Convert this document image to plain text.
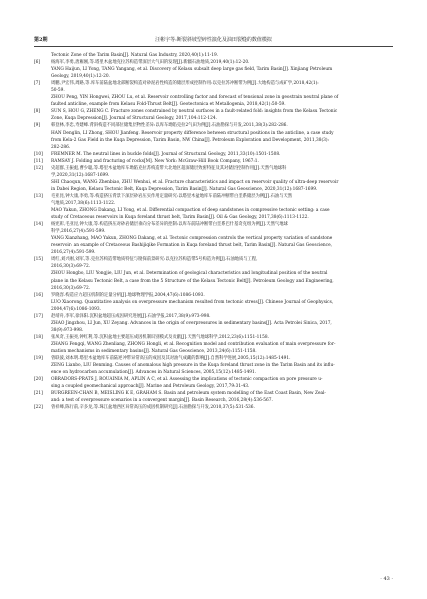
第2期	汪彬宇等:断裂斜坡型碎性演化及油田裂缝的数值模拟
Tectonic Zone of the Tarim Basin[J]. Natural Gas Industry, 2020,40(1):11-19.
[6]	杨海军,李勇,唐雁刚,等.塔里木盆地克拉苏构造带深层大气田的发现[J].新疆石油地质,2019,40(1):12-20.
YANG Haijun, LI Yong, TANG Yangang, et al. Discovery of Kelasu subsalt deep large gas field, Tarim Basin[J]. Xinjiang Petroleum
Geology, 2019,40(1):12-20.
[7]	周鹏,尹宏伟,周路,等.库车前陆盆地北部断裂构造对砂泥岩性构造的储层形成控制作用:以克拉苏冲断带为例[J].大地构造与成矿学,2018,42(1):
50-59.
ZHOU Peng, YIN Hongwei, ZHOU Lu, et al. Reservoir controlling factor and forecast of tensional zone in geostrain neutral plane of
faulted anticline, example from Kelasu Fold-Thrust Belt[J]. Geotectonica et Metallogenia, 2018,42(1):50-59.
[8]	SUN S, HOU G, ZHENG C. Fracture zones constrained by neutral surfaces in a fault-related fold: insights from the Kelasu Tectonic
Zone, Kuqa Depression[J]. Journal of Structural Geology, 2017,104:112-124.
[9]	韩登林,李忠,寿建峰.背斜构造不同部位储集层物性差异:以库车坳陷克拉2气田为例[J].石油勘探与开发,2011,38(3):282-286.
HAN Denglin, LI Zhong, SHOU Jianfeng. Reservoir property difference between structural positions in the anticline, a case study
from Kela-2 Gas Field in the Kuqa Depression, Tarim Basin, NW China[J]. Petroleum Exploration and Development, 2011,38(3):
282-286.
[10] FREMNER M. The neutral lines in buckle folds[J]. Journal of Structural Geology, 2011,33(10):1501-1508.
[11] RAMSAY J. Folding and fracturing of rocks[M]. New York: McGraw-Hill Book Company, 1967:1.
[12] 史超群,王振彪,曹少聪,等.塔里木盆地库车坳陷克拉苏构造带大北地区超深储层致密特征及其对储层控制作用[J].天然气地球科
学,2020,31(12):1687-1699.
SHI Chaoqun, WANG Zhenbiao, ZHU Wenhui, et al. Fracture characteristics and impact on reservoir quality of ultra-deep reservoir
in Dabei Region, Kelasu Tectonic Belt, Kuqa Depression, Tarim Basin[J]. Natural Gas Geoscience, 2020,31(12):1687-1699.
[13] 毛亚昆,钟大康,李勇,等.构造挤压背景下深层砂岩压实作用定量研究:以塔里木盆地库车前陆冲断带白垩系储层为例[J].石油与天然
气地质,2017,38(6):1113-1122.
MAO Yakun, ZHONG Dakang, LI Yong, et al. Differential compaction of deep sandstones in compressive tectonic setting: a case
study of Cretaceous reservoirs in Kuqa foreland thrust belt, Tarim Basin[J]. Oil & Gas Geology, 2017,38(6):1113-1122.
[14] 杨宪彰,毛亚昆,钟大康,等.构造挤压对砂岩储层垂向分布差异的控制:以库车前陆冲断带白垩系巴什基奇克组为例[J].天然气地球
科学,2016,27(4):591-599.
YANG Xianzhang, MAO Yakun, ZHONG Dakang, et al. Tectonic compression controls the vertical property variation of sandstone
reservoir: an example of Cretaceous Bashijiqike Formation in Kuqa foreland thrust belt, Tarim Basin[J]. Natural Gas Geoscience,
2016,27(4):591-599.
[15] 周红,刘兴刚,刘军,等.克拉苏构造带地质特征与勘探前景研究:以克拉苏构造带5号构造为例[J].石油地质与工程,
2016,30(3):69-72.
ZHOU Hongbo, LIU Yongjie, LIU Jun, et al. Determination of geological characteristics and longitudinal position of the neutral
plane in the Kelasu Tectonic Belt, a case from the 5 Structure of the Kelasu Tectonic Belt[J]. Petroleum Geology and Engineering,
2016,30(3):69-72.
[16] 罗晓容.构造应力超压机制的定量分析[J].地球物理学报,2004,47(6):1086-1093.
LUO Xiaorong. Quantitative analysis on overpressure mechanism resulted from tectonic stress[J]. Chinese Journal of Geophysics,
2004,47(6):1086-1093.
[17] 赵靖舟,李军,徐泽阳.沉积盆地超压成因研究进展[J].石油学报,2017,38(9):973-998.
ZHAO Jingzhou, LI Jun, XU Zeyang. Advances in the origin of overpressures in sedimentary basins[J]. Acta Petrolei Sinica, 2017,
38(9):973-998.
[18] 张凤奇,王振亮,钟红利,等.沉积盆地主要超压成因机制识别模式及贡献[J].天然气地球科学,2012,23(6):1151-1158.
ZHANG Fengqi, WANG Zhenliang, ZHONG Hongli, et al. Recognition model and contribution evaluation of main overpressure for-
mation mechanisms in sedimentary basins[J]. Natural Gas Geoscience, 2013,24(6):1151-1158.
[19] 曾联波,刘本明.塔里木盆地库车前陆逆冲带异常高压的成因及其对油气成藏的影响[J].自然科学进展,2005,15(12):1485-1491.
ZENG Lianbo, LIU Benming. Causes of anomalous high pressure in the Kuqa foreland thrust zone in the Tarim Basin and its influ-
ence on hydrocarbon accumulation[J]. Advances in Natural Sciences, 2005,15(12):1485-1491.
[20] OBRADORS-PRATS J, ROUAINIA M, APLIN A C, et al. Assessing the implications of tectonic compaction on pore pressure u-
sing a coupled geomechanical approach[J]. Marine and Petroleum Geology, 2017,79:31-43.
[21] BURGREEN-CHAN B, MEISLING K E, GRAHAM S. Basin and petroleum system modelling of the East Coast Basin, New Zeal-
and: a test of overpressure scenarios in a convergent margin[J]. Basin Research, 2016,28(4):536-567.
[22] 曾祥峰,陈行前,辛多龙,等.珠江盆地西区异常高压的成因机制研究[J].石油勘探与开发,2010,37(5):531-536.
· 43 ·
